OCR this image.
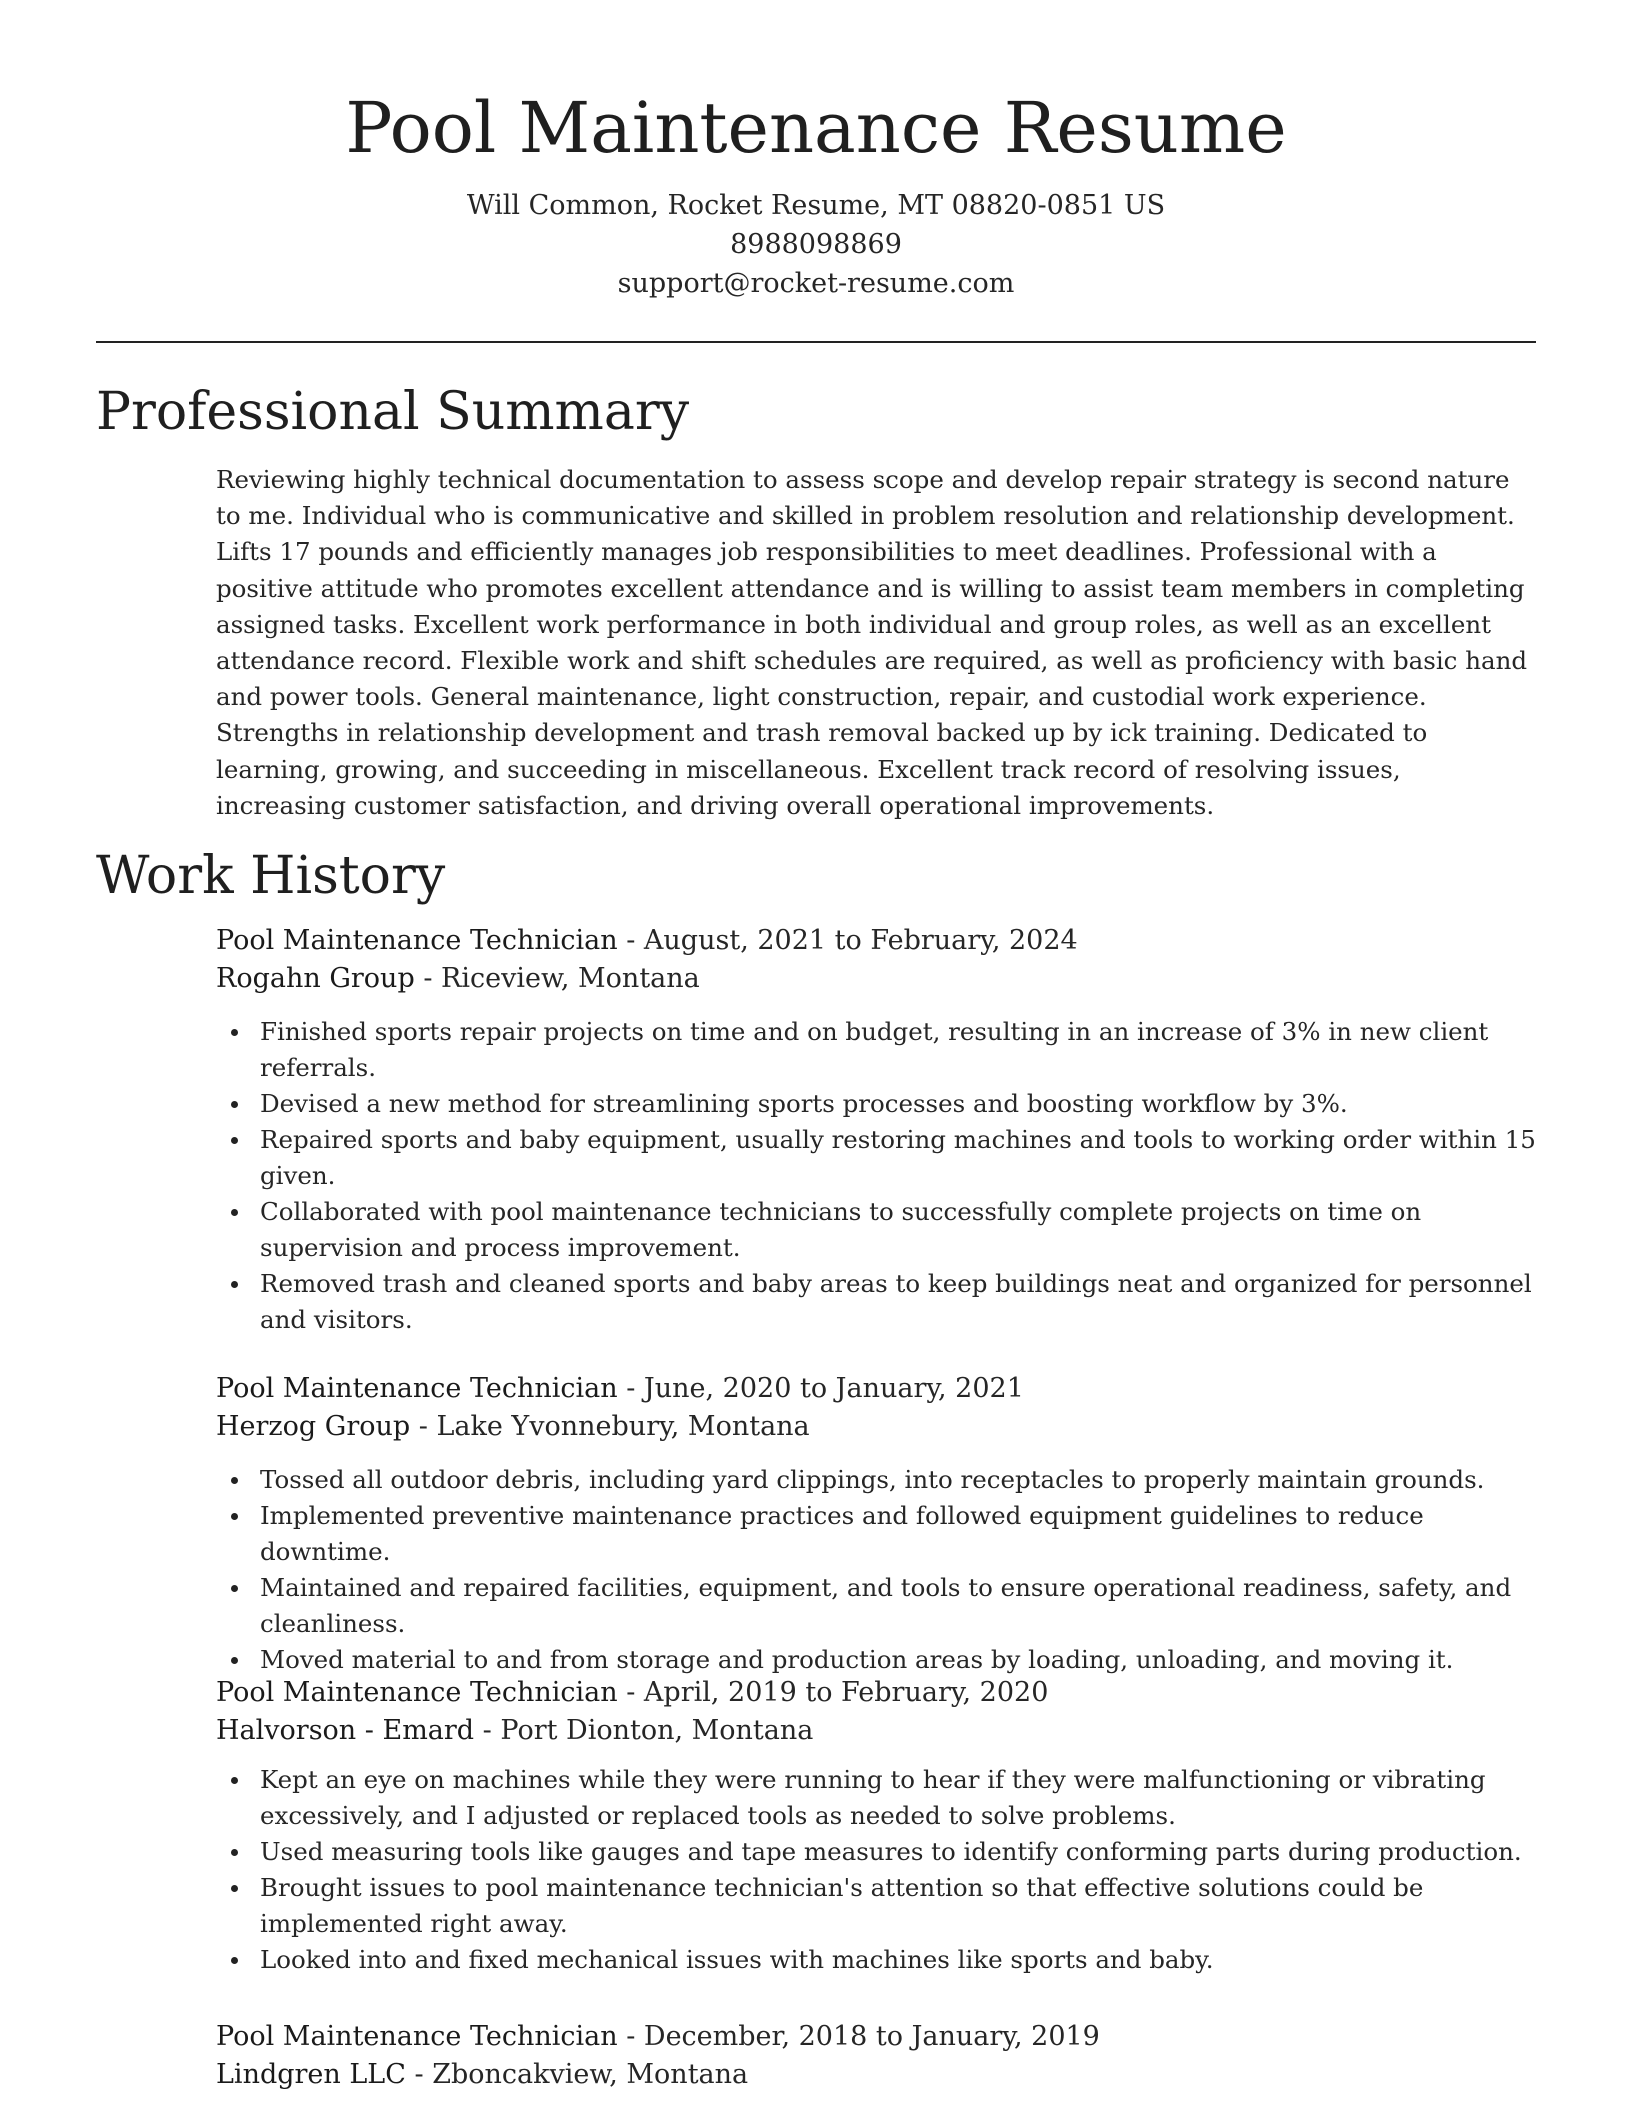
Pool Maintenance Resume

Will Common, Rocket Resume, MT 08820-0851 US

8988098869

support@rocket-resume.com

Professional Summary

Reviewing highly technical documentation to assess scope and develop repair strategy is second nature to me. Individual who is communicative and skilled in problem resolution and relationship development. Lifts 17 pounds and efficiently manages job responsibilities to meet deadlines. Professional with a positive attitude who promotes excellent attendance and is willing to assist team members in completing assigned tasks. Excellent work performance in both individual and group roles, as well as an excellent attendance record. Flexible work and shift schedules are required, as well as proficiency with basic hand and power tools. General maintenance, light construction, repair, and custodial work experience. Strengths in relationship development and trash removal backed up by ick training. Dedicated to learning, growing, and succeeding in miscellaneous. Excellent track record of resolving issues, increasing customer satisfaction, and driving overall operational improvements.

Work History

Pool Maintenance Technician - August, 2021 to February, 2024

Rogahn Group - Riceview, Montana

Finished sports repair projects on time and on budget, resulting in an increase of 3% in new client referrals.
Devised a new method for streamlining sports processes and boosting workflow by 3%.
Repaired sports and baby equipment, usually restoring machines and tools to working order within 15 given.
Collaborated with pool maintenance technicians to successfully complete projects on time on supervision and process improvement.
Removed trash and cleaned sports and baby areas to keep buildings neat and organized for personnel and visitors.

Pool Maintenance Technician - June, 2020 to January, 2021

Herzog Group - Lake Yvonnebury, Montana

Tossed all outdoor debris, including yard clippings, into receptacles to properly maintain grounds.
Implemented preventive maintenance practices and followed equipment guidelines to reduce downtime.
Maintained and repaired facilities, equipment, and tools to ensure operational readiness, safety, and cleanliness.
Moved material to and from storage and production areas by loading, unloading, and moving it.

Pool Maintenance Technician - April, 2019 to February, 2020

Halvorson - Emard - Port Dionton, Montana

Kept an eye on machines while they were running to hear if they were malfunctioning or vibrating excessively, and I adjusted or replaced tools as needed to solve problems.
Used measuring tools like gauges and tape measures to identify conforming parts during production.
Brought issues to pool maintenance technician's attention so that effective solutions could be implemented right away.
Looked into and fixed mechanical issues with machines like sports and baby.

Pool Maintenance Technician - December, 2018 to January, 2019

Lindgren LLC - Zboncakview, Montana
